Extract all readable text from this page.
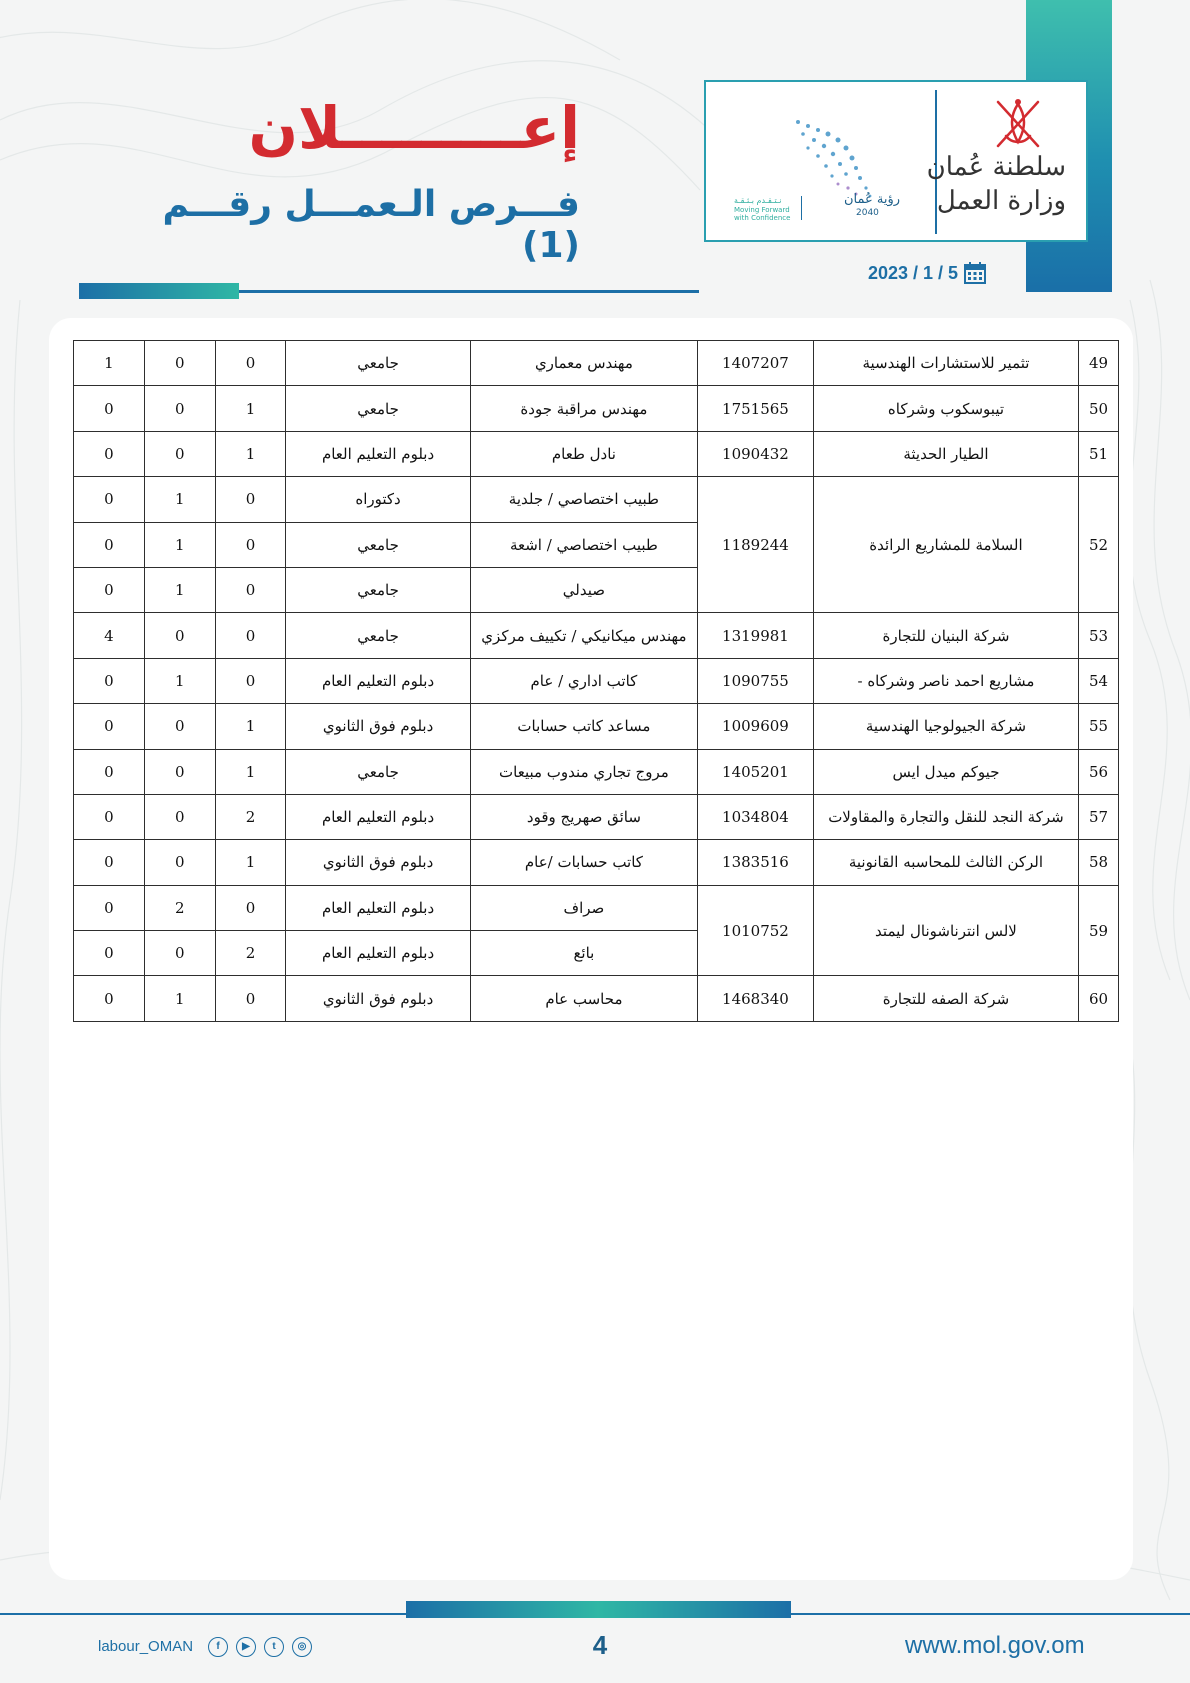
رؤية عُمان
2040
نـتـقـدم بـثـقـة
Moving Forward with Confidence
سلطنة عُمان
وزارة العمل
2023 / 1 / 5
إعـــــــــلان
فـــرص الـعمـــل رقـــم (1)
49	تثمير للاستشارات الهندسية	1407207	مهندس معماري	جامعي	0	0	1
50	تيبوسكوب وشركاه	1751565	مهندس مراقبة جودة	جامعي	1	0	0
51	الطيار الحديثة	1090432	نادل طعام	دبلوم التعليم العام	1	0	0
52	السلامة للمشاريع الرائدة	1189244	طبيب اختصاصي / جلدية	دكتوراه	0	1	0
			طبيب اختصاصي / اشعة	جامعي	0	1	0
			صيدلي	جامعي	0	1	0
53	شركة البنيان للتجارة	1319981	مهندس ميكانيكي / تكييف مركزي	جامعي	0	0	4
54	مشاريع احمد ناصر وشركاه -	1090755	كاتب اداري / عام	دبلوم التعليم العام	0	1	0
55	شركة الجيولوجيا الهندسية	1009609	مساعد كاتب حسابات	دبلوم فوق الثانوي	1	0	0
56	جيوكم ميدل ايس	1405201	مروج تجاري مندوب مبيعات	جامعي	1	0	0
57	شركة النجد للنقل والتجارة والمقاولات	1034804	سائق صهريج وقود	دبلوم التعليم العام	2	0	0
58	الركن الثالث للمحاسبه القانونية	1383516	كاتب حسابات /عام	دبلوم فوق الثانوي	1	0	0
59	لالس انترناشونال ليمتد	1010752	صراف	دبلوم التعليم العام	0	2	0
			بائع	دبلوم التعليم العام	2	0	0
60	شركة الصفه للتجارة	1468340	محاسب عام	دبلوم فوق الثانوي	0	1	0
labour_OMAN	f	▶	t	◎	4	www.mol.gov.om
